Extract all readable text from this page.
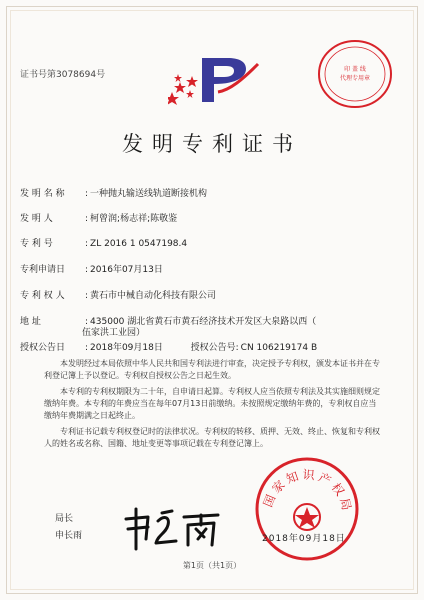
证书号第3078694号
印 盖 线
代理专用章
发明专利证书
发 明 名 称 : 一种抛丸输送线轨道断接机构
发 明 人	: 柯曾润;杨志祥;陈敬鉴
专 利 号	: ZL 2016 1 0547198.4
专利申请日 : 2016年07月13日
专 利 权 人 : 黄石市中械自动化科技有限公司
地 址	: 435000 湖北省黄石市黄石经济技术开发区大泉路以西（
伍家洪工业园）
授权公告日 : 2018年09月18日	授权公告号: CN 106219174 B

本发明经过本局依照中华人民共和国专利法进行审查，决定授予专利权，颁发本证书并在专利登记簿上予以登记。专利权自授权公告之日起生效。

本专利的专利权期限为二十年，自申请日起算。专利权人应当依照专利法及其实施细则规定缴纳年费。本专利的年费应当在每年07月13日前缴纳。未按照规定缴纳年费的，专利权自应当缴纳年费期满之日起终止。

专利证书记载专利权登记时的法律状况。专利权的转移、质押、无效、终止、恢复和专利权人的姓名或名称、国籍、地址变更等事项记载在专利登记簿上。

国家知识产权局
局长
申长雨	2018年09月18日
第1页（共1页）
